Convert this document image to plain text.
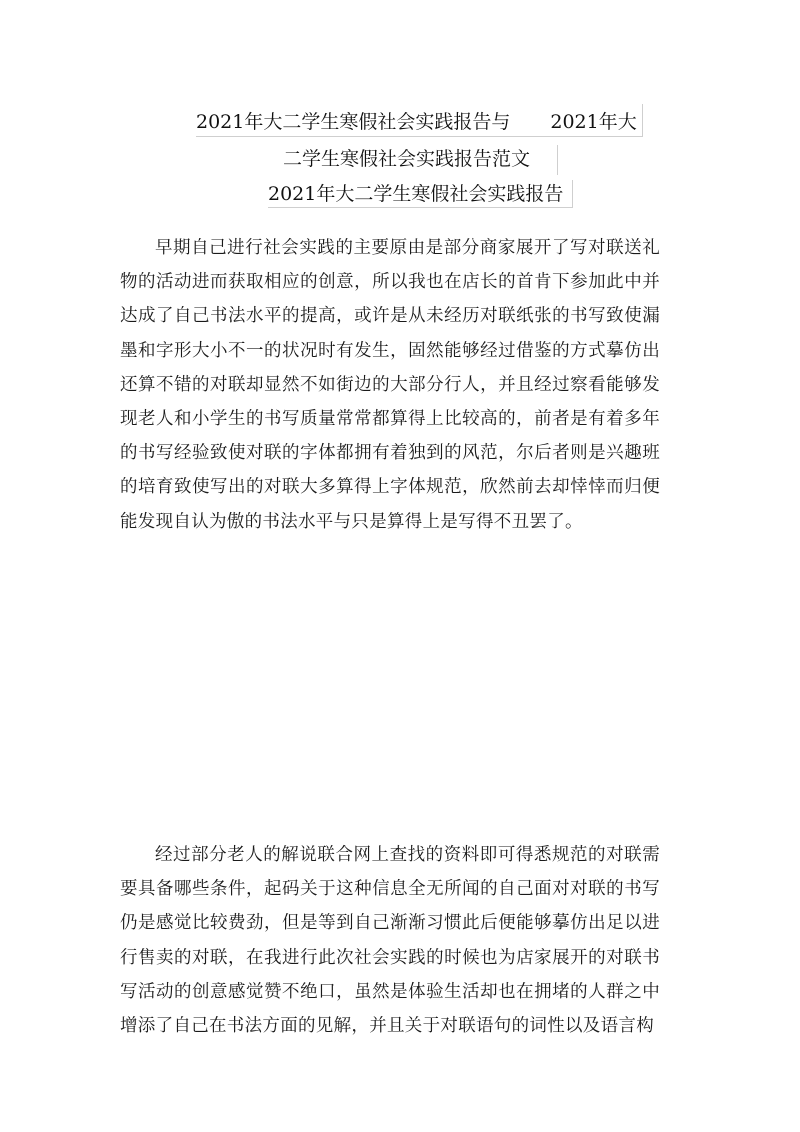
2021年大二学生寒假社会实践报告与 2021年大
二学生寒假社会实践报告范文
2021年大二学生寒假社会实践报告

早期自己进行社会实践的主要原由是部分商家展开了写对联送礼物的活动进而获取相应的创意，所以我也在店长的首肯下参加此中并达成了自己书法水平的提高，或许是从未经历对联纸张的书写致使漏墨和字形大小不一的状况时有发生，固然能够经过借鉴的方式摹仿出还算不错的对联却显然不如街边的大部分行人，并且经过察看能够发现老人和小学生的书写质量常常都算得上比较高的，前者是有着多年的书写经验致使对联的字体都拥有着独到的风范，尔后者则是兴趣班的培育致使写出的对联大多算得上字体规范，欣然前去却悻悻而归便能发现自认为傲的书法水平与只是算得上是写得不丑罢了。

经过部分老人的解说联合网上查找的资料即可得悉规范的对联需要具备哪些条件，起码关于这种信息全无所闻的自己面对对联的书写仍是感觉比较费劲，但是等到自己渐渐习惯此后便能够摹仿出足以进行售卖的对联，在我进行此次社会实践的时候也为店家展开的对联书写活动的创意感觉赞不绝口，虽然是体验生活却也在拥堵的人群之中增添了自己在书法方面的见解，并且关于对联语句的词性以及语言构
